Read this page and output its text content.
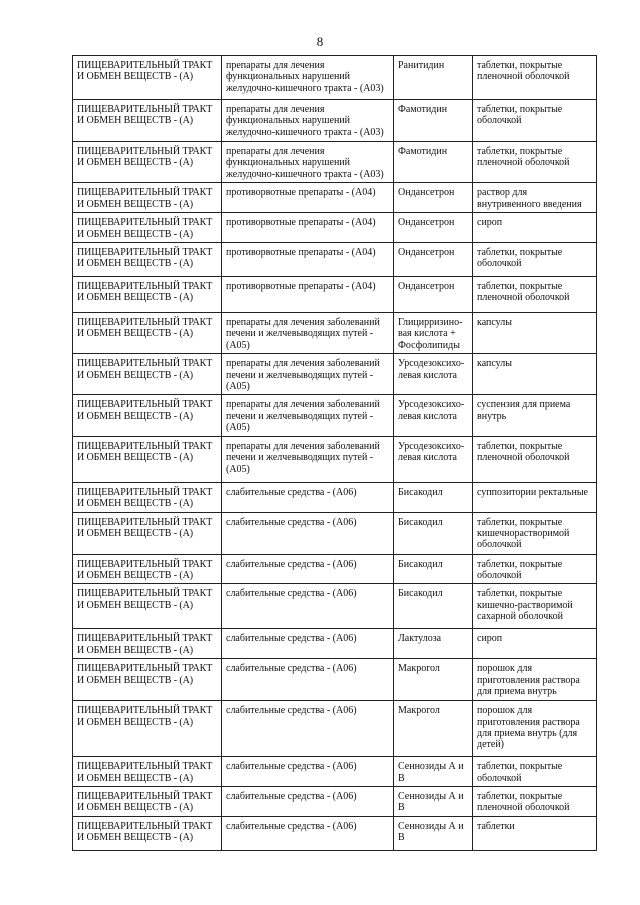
8
ПИЩЕВАРИТЕЛЬНЫЙ ТРАКТ И ОБМЕН ВЕЩЕСТВ - (А)	препараты для лечения функциональных нарушений желудочно-кишечного тракта - (А03)	Ранитидин	таблетки, покрытые пленочной оболочкой
ПИЩЕВАРИТЕЛЬНЫЙ ТРАКТ И ОБМЕН ВЕЩЕСТВ - (А)	препараты для лечения функциональных нарушений желудочно-кишечного тракта - (А03)	Фамотидин	таблетки, покрытые оболочкой
ПИЩЕВАРИТЕЛЬНЫЙ ТРАКТ И ОБМЕН ВЕЩЕСТВ - (А)	препараты для лечения функциональных нарушений желудочно-кишечного тракта - (А03)	Фамотидин	таблетки, покрытые пленочной оболочкой
ПИЩЕВАРИТЕЛЬНЫЙ ТРАКТ И ОБМЕН ВЕЩЕСТВ - (А)	противорвотные препараты - (А04)	Ондансетрон	раствор для внутривенного введения
ПИЩЕВАРИТЕЛЬНЫЙ ТРАКТ И ОБМЕН ВЕЩЕСТВ - (А)	противорвотные препараты - (А04)	Ондансетрон	сироп
ПИЩЕВАРИТЕЛЬНЫЙ ТРАКТ И ОБМЕН ВЕЩЕСТВ - (А)	противорвотные препараты - (А04)	Ондансетрон	таблетки, покрытые оболочкой
ПИЩЕВАРИТЕЛЬНЫЙ ТРАКТ И ОБМЕН ВЕЩЕСТВ - (А)	противорвотные препараты - (А04)	Ондансетрон	таблетки, покрытые пленочной оболочкой
ПИЩЕВАРИТЕЛЬНЫЙ ТРАКТ И ОБМЕН ВЕЩЕСТВ - (А)	препараты для лечения заболеваний печени и желчевыводящих путей - (А05)	Глицирризино-вая кислота + Фосфолипиды	капсулы
ПИЩЕВАРИТЕЛЬНЫЙ ТРАКТ И ОБМЕН ВЕЩЕСТВ - (А)	препараты для лечения заболеваний печени и желчевыводящих путей - (А05)	Урсодезоксихо-левая кислота	капсулы
ПИЩЕВАРИТЕЛЬНЫЙ ТРАКТ И ОБМЕН ВЕЩЕСТВ - (А)	препараты для лечения заболеваний печени и желчевыводящих путей - (А05)	Урсодезоксихо-левая кислота	суспензия для приема внутрь
ПИЩЕВАРИТЕЛЬНЫЙ ТРАКТ И ОБМЕН ВЕЩЕСТВ - (А)	препараты для лечения заболеваний печени и желчевыводящих путей - (А05)	Урсодезоксихо-левая кислота	таблетки, покрытые пленочной оболочкой
ПИЩЕВАРИТЕЛЬНЫЙ ТРАКТ И ОБМЕН ВЕЩЕСТВ - (А)	слабительные средства - (А06)	Бисакодил	суппозитории ректальные
ПИЩЕВАРИТЕЛЬНЫЙ ТРАКТ И ОБМЕН ВЕЩЕСТВ - (А)	слабительные средства - (А06)	Бисакодил	таблетки, покрытые кишечнорастворимой оболочкой
ПИЩЕВАРИТЕЛЬНЫЙ ТРАКТ И ОБМЕН ВЕЩЕСТВ - (А)	слабительные средства - (А06)	Бисакодил	таблетки, покрытые оболочкой
ПИЩЕВАРИТЕЛЬНЫЙ ТРАКТ И ОБМЕН ВЕЩЕСТВ - (А)	слабительные средства - (А06)	Бисакодил	таблетки, покрытые кишечно-растворимой сахарной оболочкой
ПИЩЕВАРИТЕЛЬНЫЙ ТРАКТ И ОБМЕН ВЕЩЕСТВ - (А)	слабительные средства - (А06)	Лактулоза	сироп
ПИЩЕВАРИТЕЛЬНЫЙ ТРАКТ И ОБМЕН ВЕЩЕСТВ - (А)	слабительные средства - (А06)	Макрогол	порошок для приготовления раствора для приема внутрь
ПИЩЕВАРИТЕЛЬНЫЙ ТРАКТ И ОБМЕН ВЕЩЕСТВ - (А)	слабительные средства - (А06)	Макрогол	порошок для приготовления раствора для приема внутрь (для детей)
ПИЩЕВАРИТЕЛЬНЫЙ ТРАКТ И ОБМЕН ВЕЩЕСТВ - (А)	слабительные средства - (А06)	Сеннозиды А и В	таблетки, покрытые оболочкой
ПИЩЕВАРИТЕЛЬНЫЙ ТРАКТ И ОБМЕН ВЕЩЕСТВ - (А)	слабительные средства - (А06)	Сеннозиды А и В	таблетки, покрытые пленочной оболочкой
ПИЩЕВАРИТЕЛЬНЫЙ ТРАКТ И ОБМЕН ВЕЩЕСТВ - (А)	слабительные средства - (А06)	Сеннозиды А и В	таблетки
